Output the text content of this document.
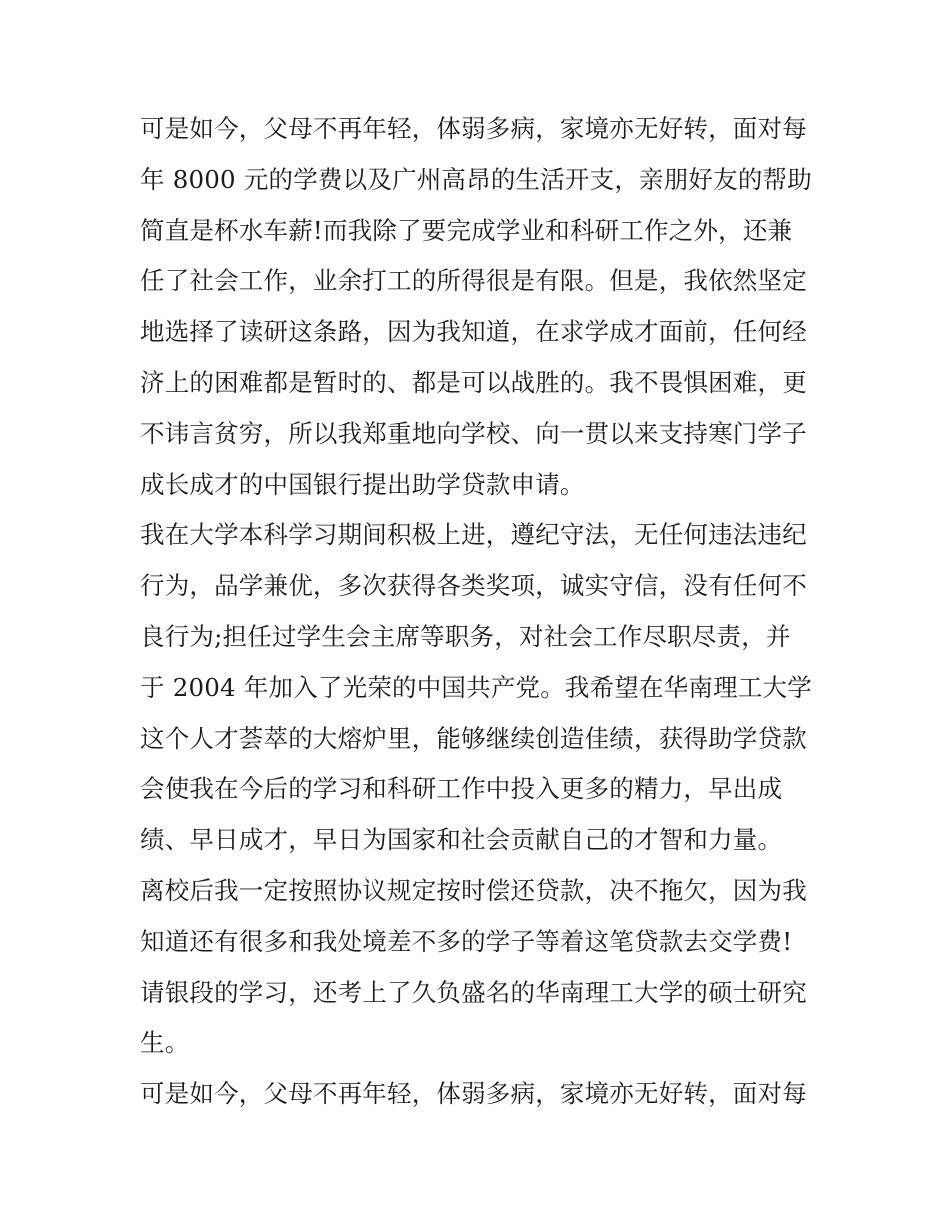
可是如今，父母不再年轻，体弱多病，家境亦无好转，面对每
年 8000 元的学费以及广州高昂的生活开支，亲朋好友的帮助
简直是杯水车薪!而我除了要完成学业和科研工作之外，还兼
任了社会工作，业余打工的所得很是有限。但是，我依然坚定
地选择了读研这条路，因为我知道，在求学成才面前，任何经
济上的困难都是暂时的、都是可以战胜的。我不畏惧困难，更
不讳言贫穷，所以我郑重地向学校、向一贯以来支持寒门学子
成长成才的中国银行提出助学贷款申请。
我在大学本科学习期间积极上进，遵纪守法，无任何违法违纪
行为，品学兼优，多次获得各类奖项，诚实守信，没有任何不
良行为;担任过学生会主席等职务，对社会工作尽职尽责，并
于 2004 年加入了光荣的中国共产党。我希望在华南理工大学
这个人才荟萃的大熔炉里，能够继续创造佳绩，获得助学贷款
会使我在今后的学习和科研工作中投入更多的精力，早出成
绩、早日成才，早日为国家和社会贡献自己的才智和力量。
离校后我一定按照协议规定按时偿还贷款，决不拖欠，因为我
知道还有很多和我处境差不多的学子等着这笔贷款去交学费!
请银段的学习，还考上了久负盛名的华南理工大学的硕士研究
生。
可是如今，父母不再年轻，体弱多病，家境亦无好转，面对每
